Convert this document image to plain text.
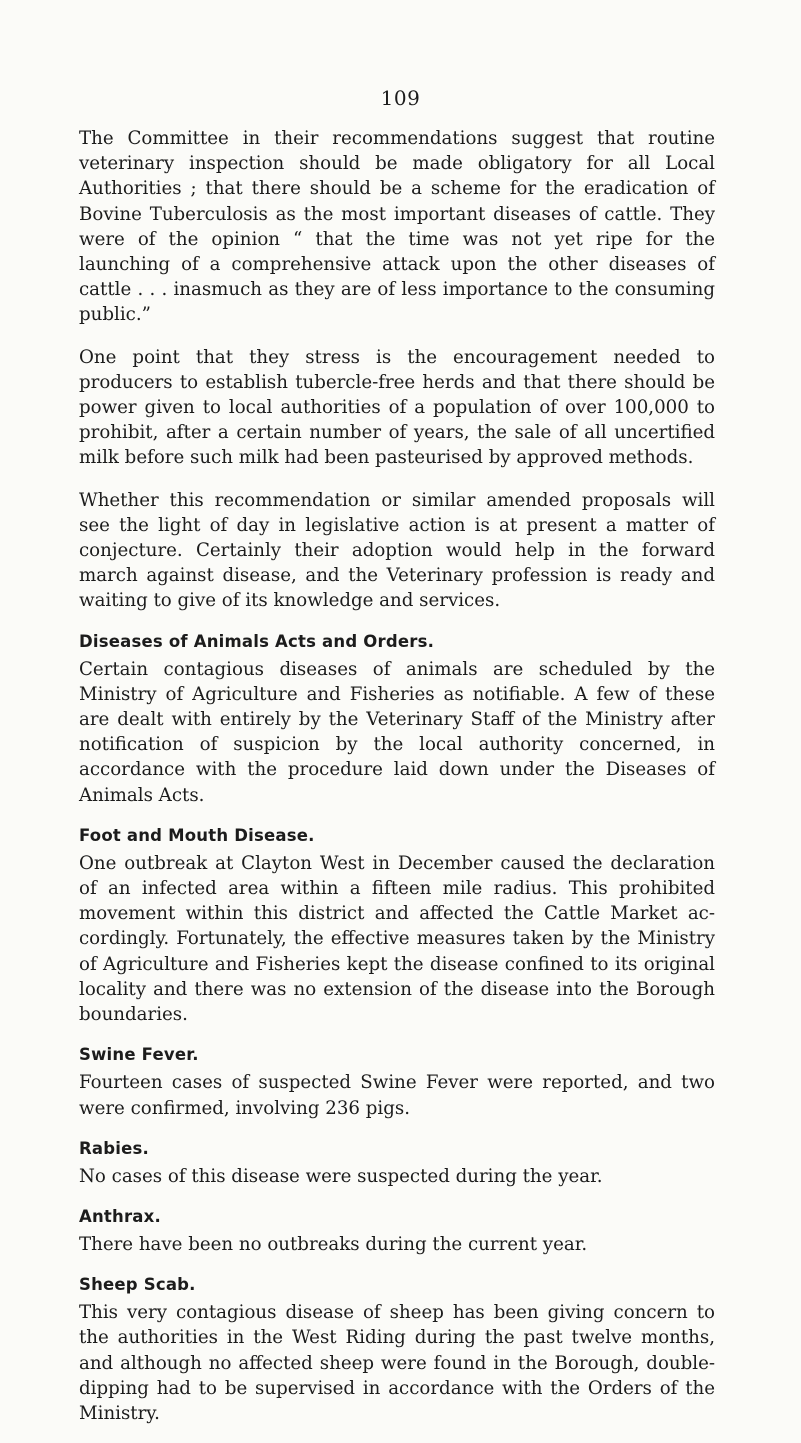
109

The Committee in their recommendations suggest that routine veterinary inspection should be made obligatory for all Local Authorities ; that there should be a scheme for the eradication of Bovine Tuberculosis as the most important diseases of cattle. They were of the opinion “ that the time was not yet ripe for the launching of a comprehensive attack upon the other diseases of cattle . . . inasmuch as they are of less importance to the consuming public.”

One point that they stress is the encouragement needed to producers to establish tubercle-free herds and that there should be power given to local authorities of a population of over 100,000 to prohibit, after a certain number of years, the sale of all uncertified milk before such milk had been pasteurised by approved methods.

Whether this recommendation or similar amended proposals will see the light of day in legislative action is at present a matter of conjecture. Certainly their adoption would help in the forward march against disease, and the Veterinary profession is ready and waiting to give of its knowledge and services.

Diseases of Animals Acts and Orders.

Certain contagious diseases of animals are scheduled by the Ministry of Agriculture and Fisheries as notifiable. A few of these are dealt with entirely by the Veterinary Staff of the Ministry after notification of suspicion by the local authority concerned, in accordance with the procedure laid down under the Diseases of Animals Acts.

Foot and Mouth Disease.

One outbreak at Clayton West in December caused the declaration of an infected area within a fifteen mile radius. This prohibited movement within this district and affected the Cattle Market ac-cordingly. Fortunately, the effective measures taken by the Ministry of Agriculture and Fisheries kept the disease confined to its original locality and there was no extension of the disease into the Borough boundaries.

Swine Fever.

Fourteen cases of suspected Swine Fever were reported, and two were confirmed, involving 236 pigs.

Rabies.

No cases of this disease were suspected during the year.

Anthrax.

There have been no outbreaks during the current year.

Sheep Scab.

This very contagious disease of sheep has been giving concern to the authorities in the West Riding during the past twelve months, and although no affected sheep were found in the Borough, double-dipping had to be supervised in accordance with the Orders of the Ministry.
